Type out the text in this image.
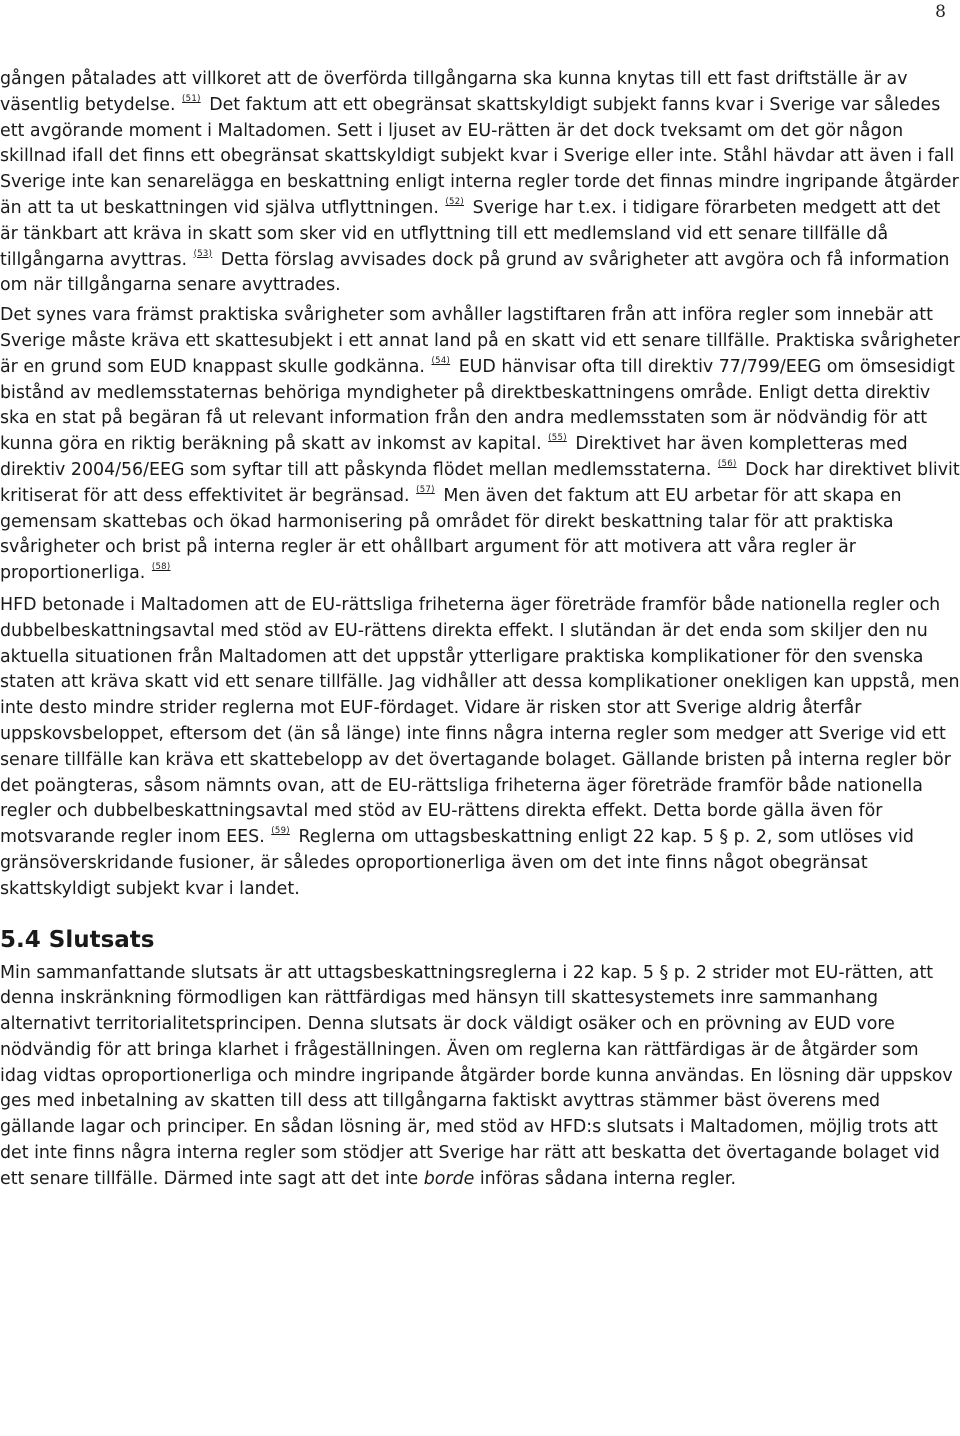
8

gången påtalades att villkoret att de överförda tillgångarna ska kunna knytas till ett fast driftställe är av väsentlig betydelse. $^{(51)}$ Det faktum att ett obegränsat skattskyldigt subjekt fanns kvar i Sverige var således ett avgörande moment i Maltadomen. Sett i ljuset av EU-rätten är det dock tveksamt om det gör någon skillnad ifall det finns ett obegränsat skattskyldigt subjekt kvar i Sverige eller inte. Ståhl hävdar att även i fall Sverige inte kan senarelägga en beskattning enligt interna regler torde det finnas mindre ingripande åtgärder än att ta ut beskattningen vid själva utflyttningen. $^{(52)}$ Sverige har t.ex. i tidigare förarbeten medgett att det är tänkbart att kräva in skatt som sker vid en utflyttning till ett medlemsland vid ett senare tillfälle då tillgångarna avyttras. $^{(53)}$ Detta förslag avvisades dock på grund av svårigheter att avgöra och få information om när tillgångarna senare avyttrades.

Det synes vara främst praktiska svårigheter som avhåller lagstiftaren från att införa regler som innebär att Sverige måste kräva ett skattesubjekt i ett annat land på en skatt vid ett senare tillfälle. Praktiska svårigheter är en grund som EUD knappast skulle godkänna. $^{(54)}$ EUD hänvisar ofta till direktiv 77/799/EEG om ömsesidigt bistånd av medlemsstaternas behöriga myndigheter på direktbeskattningens område. Enligt detta direktiv ska en stat på begäran få ut relevant information från den andra medlemsstaten som är nödvändig för att kunna göra en riktig beräkning på skatt av inkomst av kapital. $^{(55)}$ Direktivet har även kompletteras med direktiv 2004/56/EEG som syftar till att påskynda flödet mellan medlemsstaterna. $^{(56)}$ Dock har direktivet blivit kritiserat för att dess effektivitet är begränsad. $^{(57)}$ Men även det faktum att EU arbetar för att skapa en gemensam skattebas och ökad harmonisering på området för direkt beskattning talar för att praktiska svårigheter och brist på interna regler är ett ohållbart argument för att motivera att våra regler är proportionerliga. $^{(58)}$

HFD betonade i Maltadomen att de EU-rättsliga friheterna äger företräde framför både nationella regler och dubbelbeskattningsavtal med stöd av EU-rättens direkta effekt. I slutändan är det enda som skiljer den nu aktuella situationen från Maltadomen att det uppstår ytterligare praktiska komplikationer för den svenska staten att kräva skatt vid ett senare tillfälle. Jag vidhåller att dessa komplikationer onekligen kan uppstå, men inte desto mindre strider reglerna mot EUF-fördaget. Vidare är risken stor att Sverige aldrig återfår uppskovsbeloppet, eftersom det (än så länge) inte finns några interna regler som medger att Sverige vid ett senare tillfälle kan kräva ett skattebelopp av det övertagande bolaget. Gällande bristen på interna regler bör det poängteras, såsom nämnts ovan, att de EU-rättsliga friheterna äger företräde framför både nationella regler och dubbelbeskattningsavtal med stöd av EU-rättens direkta effekt. Detta borde gälla även för motsvarande regler inom EES. $^{(59)}$ Reglerna om uttagsbeskattning enligt 22 kap. 5 § p. 2, som utlöses vid gränsöverskridande fusioner, är således oproportionerliga även om det inte finns något obegränsat skattskyldigt subjekt kvar i landet.

5.4 Slutsats

Min sammanfattande slutsats är att uttagsbeskattningsreglerna i 22 kap. 5 § p. 2 strider mot EU-rätten, att denna inskränkning förmodligen kan rättfärdigas med hänsyn till skattesystemets inre sammanhang alternativt territorialitetsprincipen. Denna slutsats är dock väldigt osäker och en prövning av EUD vore nödvändig för att bringa klarhet i frågeställningen. Även om reglerna kan rättfärdigas är de åtgärder som idag vidtas oproportionerliga och mindre ingripande åtgärder borde kunna användas. En lösning där uppskov ges med inbetalning av skatten till dess att tillgångarna faktiskt avyttras stämmer bäst överens med gällande lagar och principer. En sådan lösning är, med stöd av HFD:s slutsats i Maltadomen, möjlig trots att det inte finns några interna regler som stödjer att Sverige har rätt att beskatta det övertagande bolaget vid ett senare tillfälle. Därmed inte sagt att det inte borde införas sådana interna regler.
